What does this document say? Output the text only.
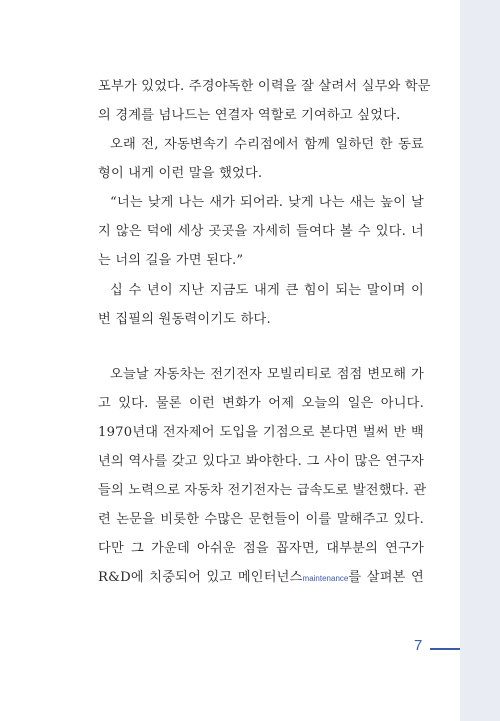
포부가 있었다. 주경야독한 이력을 잘 살려서 실무와 학문
의 경계를 넘나드는 연결자 역할로 기여하고 싶었다.
오래 전, 자동변속기 수리점에서 함께 일하던 한 동료
형이 내게 이런 말을 했었다.
“너는 낮게 나는 새가 되어라. 낮게 나는 새는 높이 날
지 않은 덕에 세상 곳곳을 자세히 들여다 볼 수 있다. 너
는 너의 길을 가면 된다.”
십 수 년이 지난 지금도 내게 큰 힘이 되는 말이며 이
번 집필의 원동력이기도 하다.
오늘날 자동차는 전기전자 모빌리티로 점점 변모해 가
고 있다. 물론 이런 변화가 어제 오늘의 일은 아니다.
1970년대 전자제어 도입을 기점으로 본다면 벌써 반 백
년의 역사를 갖고 있다고 봐야한다. 그 사이 많은 연구자
들의 노력으로 자동차 전기전자는 급속도로 발전했다. 관
련 논문을 비롯한 수많은 문헌들이 이를 말해주고 있다.
다만 그 가운데 아쉬운 점을 꼽자면, 대부분의 연구가
R&D에 치중되어 있고 메인터넌스maintenance를 살펴본 연
7
